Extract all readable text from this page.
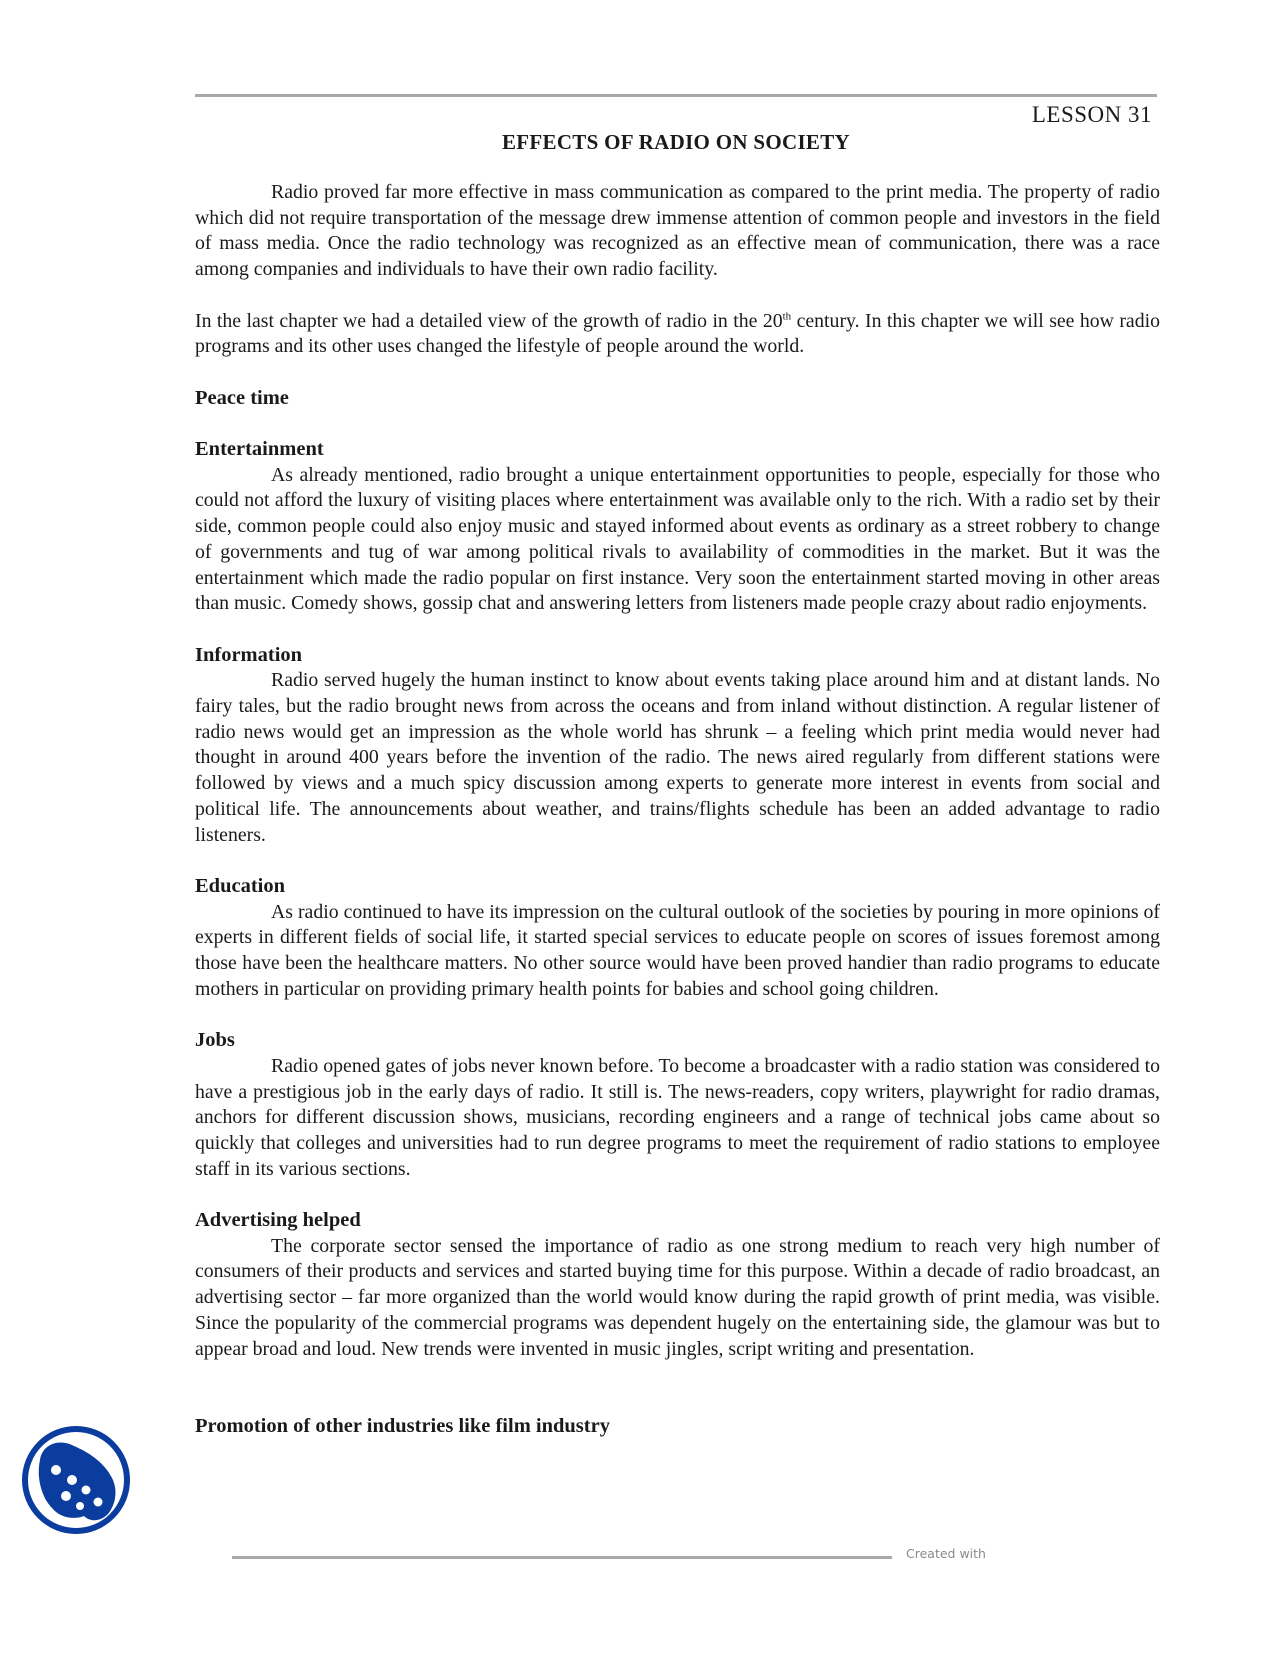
LESSON 31
EFFECTS OF RADIO ON SOCIETY

Radio proved far more effective in mass communication as compared to the print media. The property of radio which did not require transportation of the message drew immense attention of common people and investors in the field of mass media. Once the radio technology was recognized as an effective mean of communication, there was a race among companies and individuals to have their own radio facility.

In the last chapter we had a detailed view of the growth of radio in the 20th century. In this chapter we will see how radio programs and its other uses changed the lifestyle of people around the world.

Peace time

Entertainment

As already mentioned, radio brought a unique entertainment opportunities to people, especially for those who could not afford the luxury of visiting places where entertainment was available only to the rich. With a radio set by their side, common people could also enjoy music and stayed informed about events as ordinary as a street robbery to change of governments and tug of war among political rivals to availability of commodities in the market. But it was the entertainment which made the radio popular on first instance. Very soon the entertainment started moving in other areas than music. Comedy shows, gossip chat and answering letters from listeners made people crazy about radio enjoyments.

Information

Radio served hugely the human instinct to know about events taking place around him and at distant lands. No fairy tales, but the radio brought news from across the oceans and from inland without distinction. A regular listener of radio news would get an impression as the whole world has shrunk – a feeling which print media would never had thought in around 400 years before the invention of the radio. The news aired regularly from different stations were followed by views and a much spicy discussion among experts to generate more interest in events from social and political life. The announcements about weather, and trains/flights schedule has been an added advantage to radio listeners.

Education

As radio continued to have its impression on the cultural outlook of the societies by pouring in more opinions of experts in different fields of social life, it started special services to educate people on scores of issues foremost among those have been the healthcare matters. No other source would have been proved handier than radio programs to educate mothers in particular on providing primary health points for babies and school going children.

Jobs

Radio opened gates of jobs never known before. To become a broadcaster with a radio station was considered to have a prestigious job in the early days of radio. It still is. The news-readers, copy writers, playwright for radio dramas, anchors for different discussion shows, musicians, recording engineers and a range of technical jobs came about so quickly that colleges and universities had to run degree programs to meet the requirement of radio stations to employee staff in its various sections.

Advertising helped

The corporate sector sensed the importance of radio as one strong medium to reach very high number of consumers of their products and services and started buying time for this purpose. Within a decade of radio broadcast, an advertising sector – far more organized than the world would know during the rapid growth of print media, was visible. Since the popularity of the commercial programs was dependent hugely on the entertaining side, the glamour was but to appear broad and loud. New trends were invented in music jingles, script writing and presentation.

Promotion of other industries like film industry

Created with
